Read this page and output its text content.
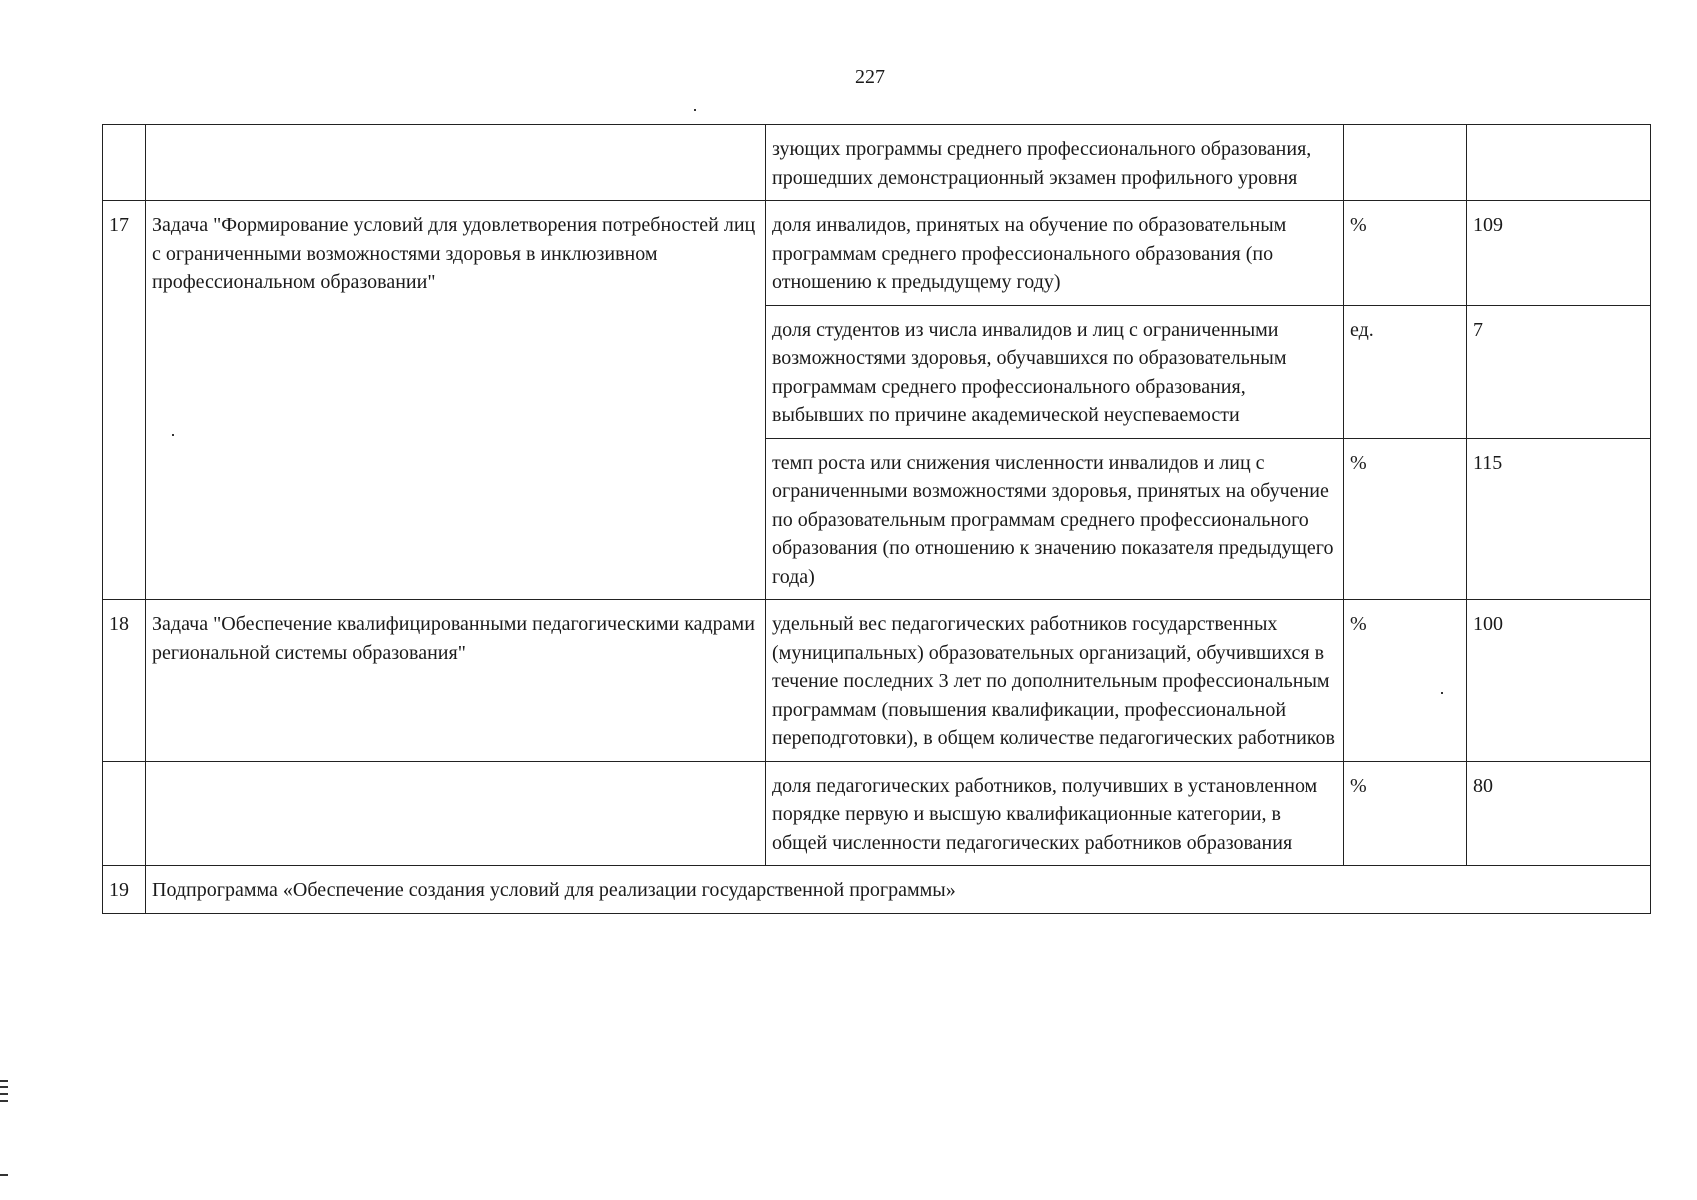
227
		зующих программы среднего профессионального образования, прошедших демонстрационный экзамен профильного уровня		
17	Задача "Формирование условий для удовлетворения потребностей лиц с ограниченными возможностями здоровья в инклюзивном профессиональном образовании"	доля инвалидов, принятых на обучение по образовательным программам среднего профессионального образования (по отношению к предыдущему году)	%	109
		доля студентов из числа инвалидов и лиц с ограниченными возможностями здоровья, обучавшихся по образовательным программам среднего профессионального образования, выбывших по причине академической неуспеваемости	ед.	7
		темп роста или снижения численности инвалидов и лиц с ограниченными возможностями здоровья, принятых на обучение по образовательным программам среднего профессионального образования (по отношению к значению показателя предыдущего года)	%	115
18	Задача "Обеспечение квалифицированными педагогическими кадрами региональной системы образования"	удельный вес педагогических работников государственных (муниципальных) образовательных организаций, обучившихся в течение последних 3 лет по дополнительным профессиональным программам (повышения квалификации, профессиональной переподготовки), в общем количестве педагогических работников	%	100
		доля педагогических работников, получивших в установленном порядке первую и высшую квалификационные категории, в общей численности педагогических работников образования	%	80
19	Подпрограмма «Обеспечение создания условий для реализации государственной программы»			
